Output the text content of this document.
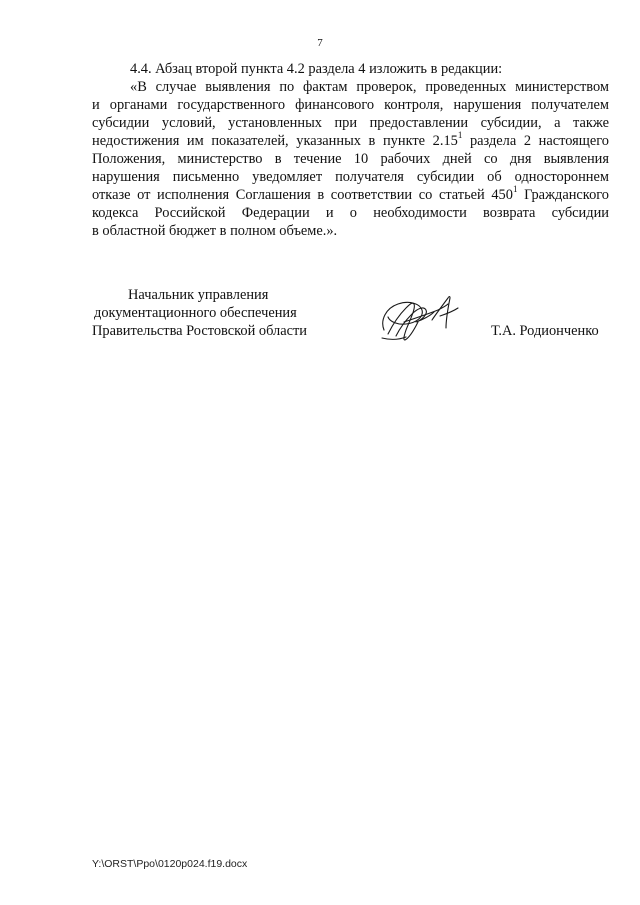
7
4.4. Абзац второй пункта 4.2 раздела 4 изложить в редакции:
«В случае выявления по фактам проверок, проведенных министерством
и органами государственного финансового контроля, нарушения получателем
субсидии условий, установленных при предоставлении субсидии, а также
недостижения им показателей, указанных в пункте 2.15$^1$ раздела 2 настоящего
Положения, министерство в течение 10 рабочих дней со дня выявления
нарушения письменно уведомляет получателя субсидии об одностороннем
отказе от исполнения Соглашения в соответствии со статьей $450^1$ Гражданского
кодекса Российской Федерации и о необходимости возврата субсидии
в областной бюджет в полном объеме.».
Начальник управления
документационного обеспечения
Правительства Ростовской области	Т.А. Родионченко
Y:\ORST\Ppo\0120p024.f19.docx
